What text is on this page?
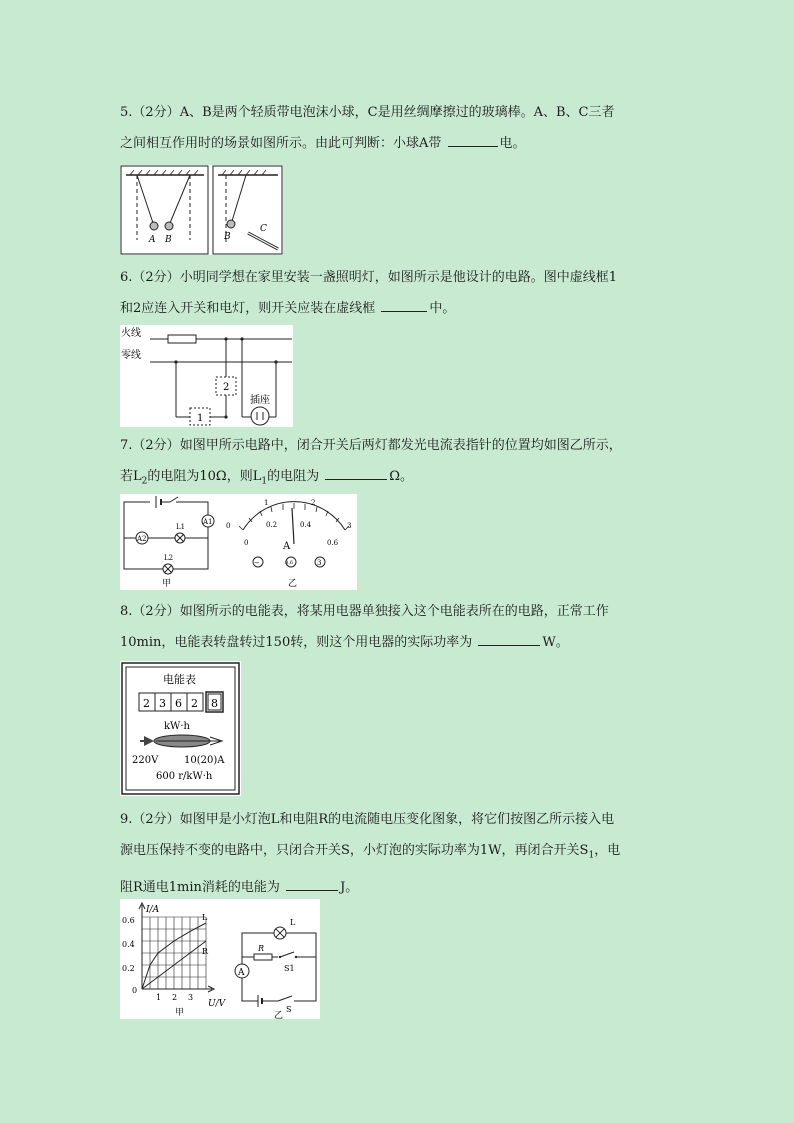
5.（2分）A、B是两个轻质带电泡沫小球，C是用丝绸摩擦过的玻璃棒。A、B、C三者

之间相互作用时的场景如图所示。由此可判断：小球A带	电。

A B	B
C

6.（2分）小明同学想在家里安装一盏照明灯，如图所示是他设计的电路。图中虚线框1

和2应连入开关和电灯，则开关应装在虚线框	中。

火线
零线
2
1
插座

7.（2分）如图甲所示电路中，闭合开关后两灯都发光电流表指针的位置均如图乙所示，

若$L_2$的电阻为10Ω，则$L_1$的电阻为	Ω。

A2
A1
L1
L2
甲
0
1	2
3
0
0.2	0.4
0.6
A
−	0.6	3
乙

8.（2分）如图所示的电能表，将某用电器单独接入这个电能表所在的电路，正常工作

10min，电能表转盘转过150转，则这个用电器的实际功率为	W。

电能表
2 3 6 2 8
kW·h
220V	10(20)A
600 r/kW·h

9.（2分）如图甲是小灯泡L和电阻R的电流随电压变化图象，将它们按图乙所示接入电

源电压保持不变的电路中，只闭合开关S，小灯泡的实际功率为1W，再闭合开关$S_1$，电

阻R通电1min消耗的电能为	J。

I/A
U/V
0.6
0.4
0.2
0
1 2 3
L
R
甲
L
R
S1
A
S
乙
